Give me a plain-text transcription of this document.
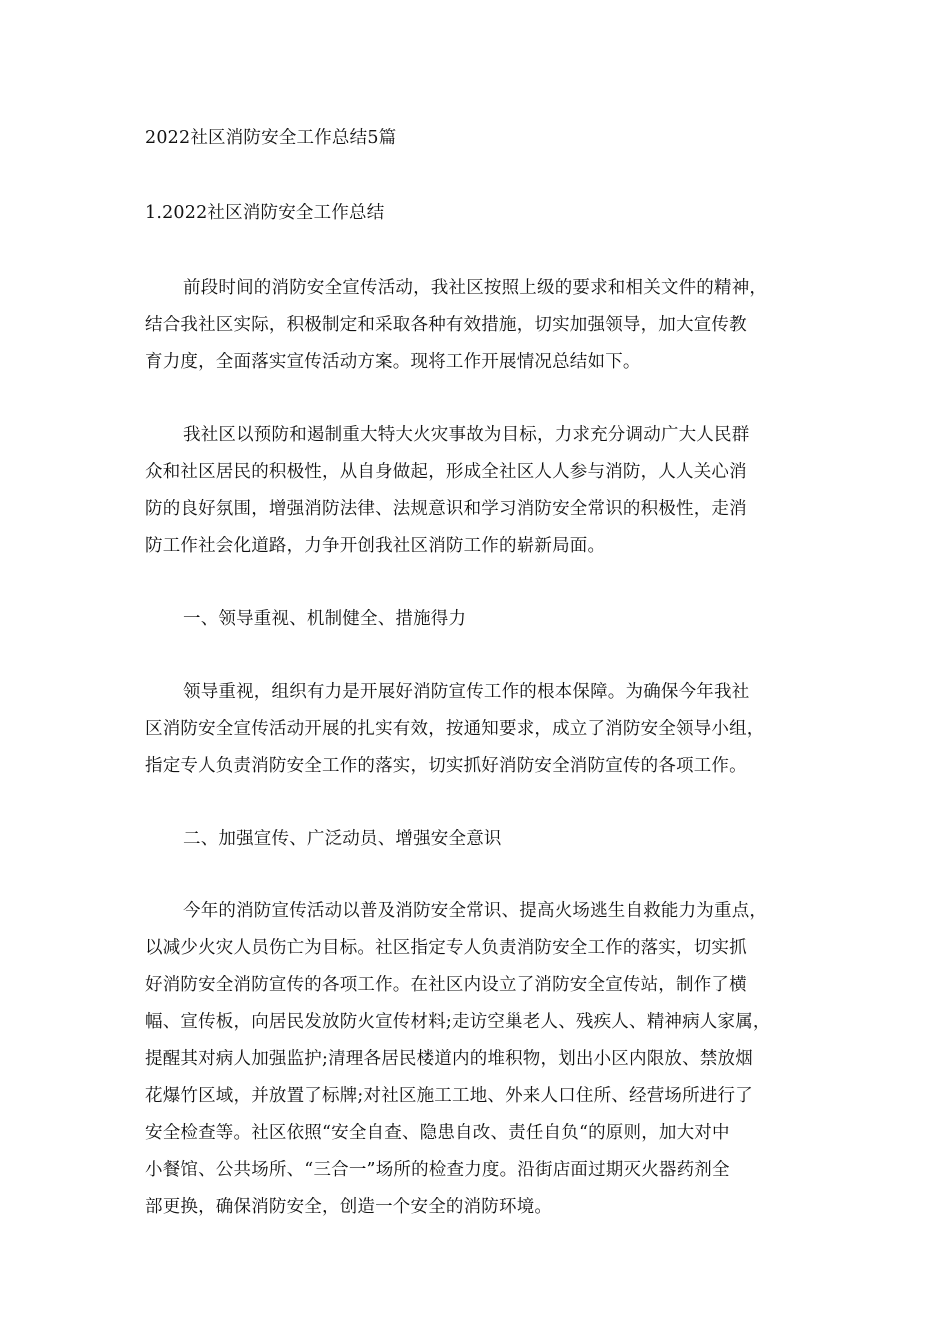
2022社区消防安全工作总结5篇
1.2022社区消防安全工作总结
前段时间的消防安全宣传活动，我社区按照上级的要求和相关文件的精神，
结合我社区实际，积极制定和采取各种有效措施，切实加强领导，加大宣传教
育力度，全面落实宣传活动方案。现将工作开展情况总结如下。
我社区以预防和遏制重大特大火灾事故为目标，力求充分调动广大人民群
众和社区居民的积极性，从自身做起，形成全社区人人参与消防，人人关心消
防的良好氛围，增强消防法律、法规意识和学习消防安全常识的积极性，走消
防工作社会化道路，力争开创我社区消防工作的崭新局面。
一、领导重视、机制健全、措施得力
领导重视，组织有力是开展好消防宣传工作的根本保障。为确保今年我社
区消防安全宣传活动开展的扎实有效，按通知要求，成立了消防安全领导小组，
指定专人负责消防安全工作的落实，切实抓好消防安全消防宣传的各项工作。
二、加强宣传、广泛动员、增强安全意识
今年的消防宣传活动以普及消防安全常识、提高火场逃生自救能力为重点，
以减少火灾人员伤亡为目标。社区指定专人负责消防安全工作的落实，切实抓
好消防安全消防宣传的各项工作。在社区内设立了消防安全宣传站，制作了横
幅、宣传板，向居民发放防火宣传材料;走访空巢老人、残疾人、精神病人家属，
提醒其对病人加强监护;清理各居民楼道内的堆积物，划出小区内限放、禁放烟
花爆竹区域，并放置了标牌;对社区施工工地、外来人口住所、经营场所进行了
安全检查等。社区依照“安全自查、隐患自改、责任自负“的原则，加大对中
小餐馆、公共场所、“三合一”场所的检查力度。沿街店面过期灭火器药剂全
部更换，确保消防安全，创造一个安全的消防环境。
